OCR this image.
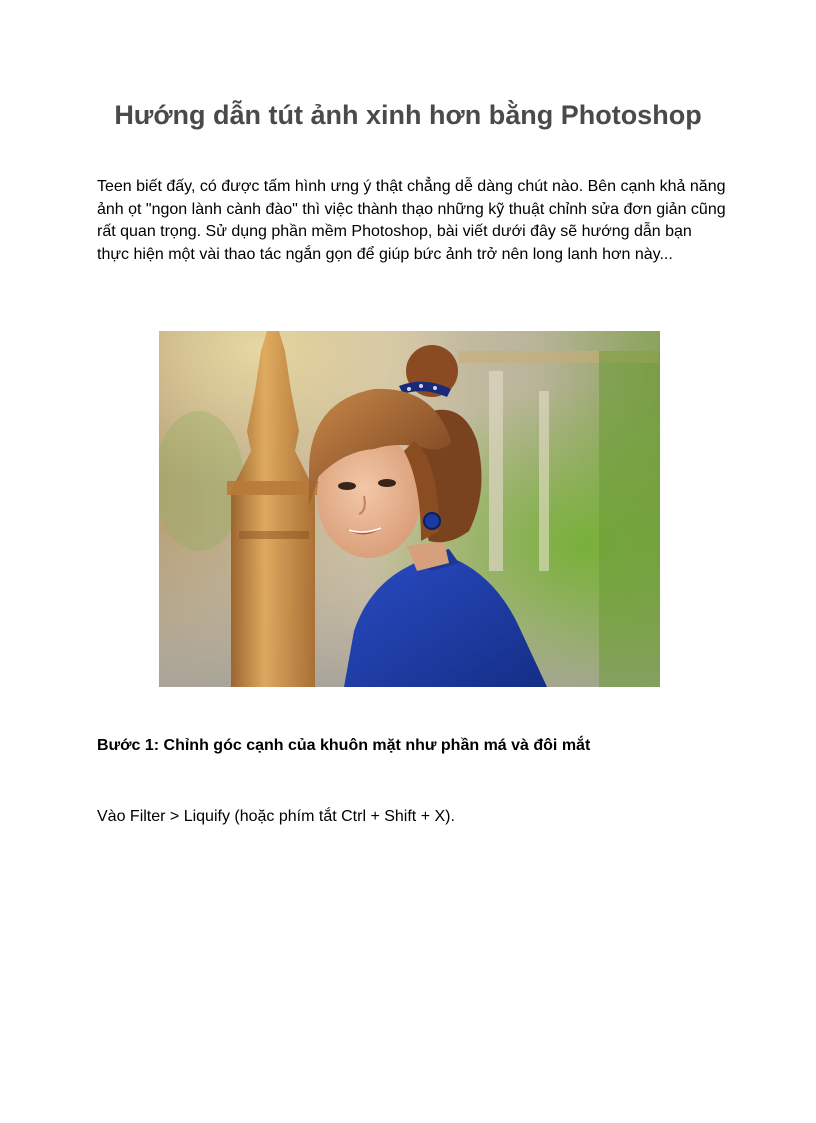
Hướng dẫn tút ảnh xinh hơn bằng Photoshop

Teen biết đấy, có được tấm hình ưng ý thật chẳng dễ dàng chút nào. Bên cạnh khả năng ảnh ọt "ngon lành cành đào" thì việc thành thạo những kỹ thuật chỉnh sửa đơn giản cũng rất quan trọng. Sử dụng phần mềm Photoshop, bài viết dưới đây sẽ hướng dẫn bạn thực hiện một vài thao tác ngắn gọn để giúp bức ảnh trở nên long lanh hơn này...

Bước 1: Chỉnh góc cạnh của khuôn mặt như phần má và đôi mắt

Vào Filter > Liquify (hoặc phím tắt Ctrl + Shift + X).
